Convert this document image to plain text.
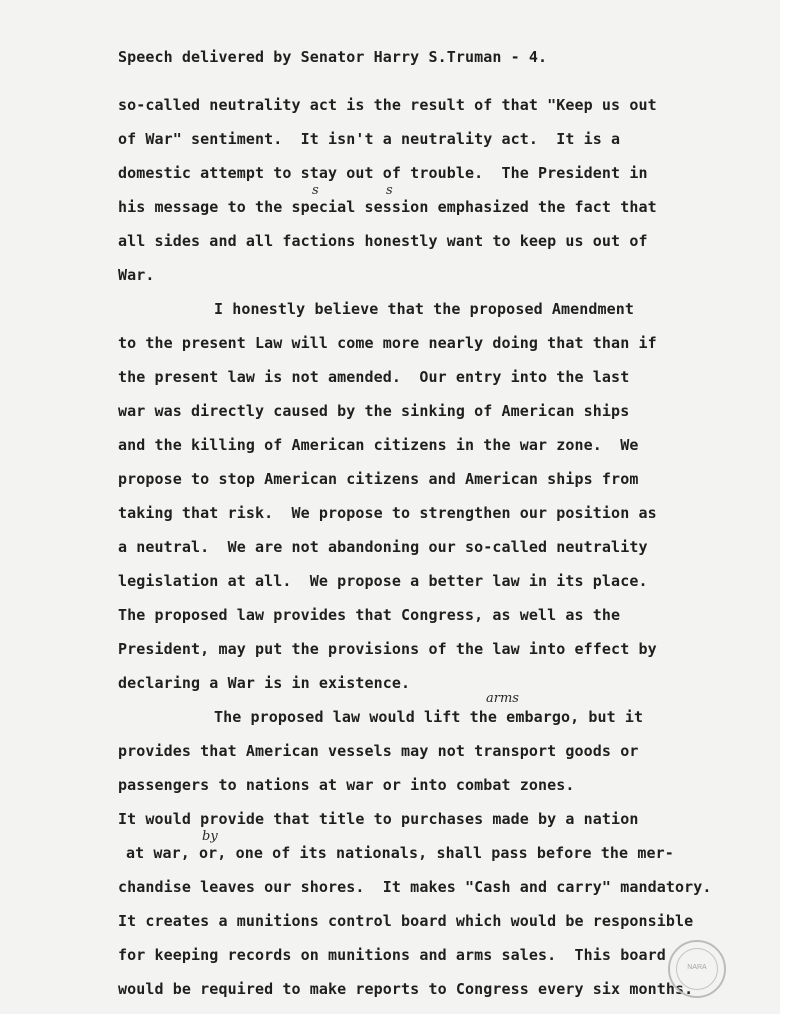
Speech delivered by Senator Harry S.Truman - 4.
so-called neutrality act is the result of that "Keep us out
of War" sentiment.  It isn't a neutrality act.  It is a
domestic attempt to stay out of trouble.  The President in
his message to the special session emphasized the fact that
all sides and all factions honestly want to keep us out of
War.
I honestly believe that the proposed Amendment
to the present Law will come more nearly doing that than if
the present law is not amended.  Our entry into the last
war was directly caused by the sinking of American ships
and the killing of American citizens in the war zone.  We
propose to stop American citizens and American ships from
taking that risk.  We propose to strengthen our position as
a neutral.  We are not abandoning our so-called neutrality
legislation at all.  We propose a better law in its place.
The proposed law provides that Congress, as well as the
President, may put the provisions of the law into effect by
declaring a War is in existence.
The proposed law would lift the embargo, but it
provides that American vessels may not transport goods or
passengers to nations at war or into combat zones.
It would provide that title to purchases made by a nation
at war, or, one of its nationals, shall pass before the mer-
chandise leaves our shores.  It makes "Cash and carry" mandatory.
It creates a munitions control board which would be responsible
for keeping records on munitions and arms sales.  This board
would be required to make reports to Congress every six months.
s	s
arms
by
NARA
